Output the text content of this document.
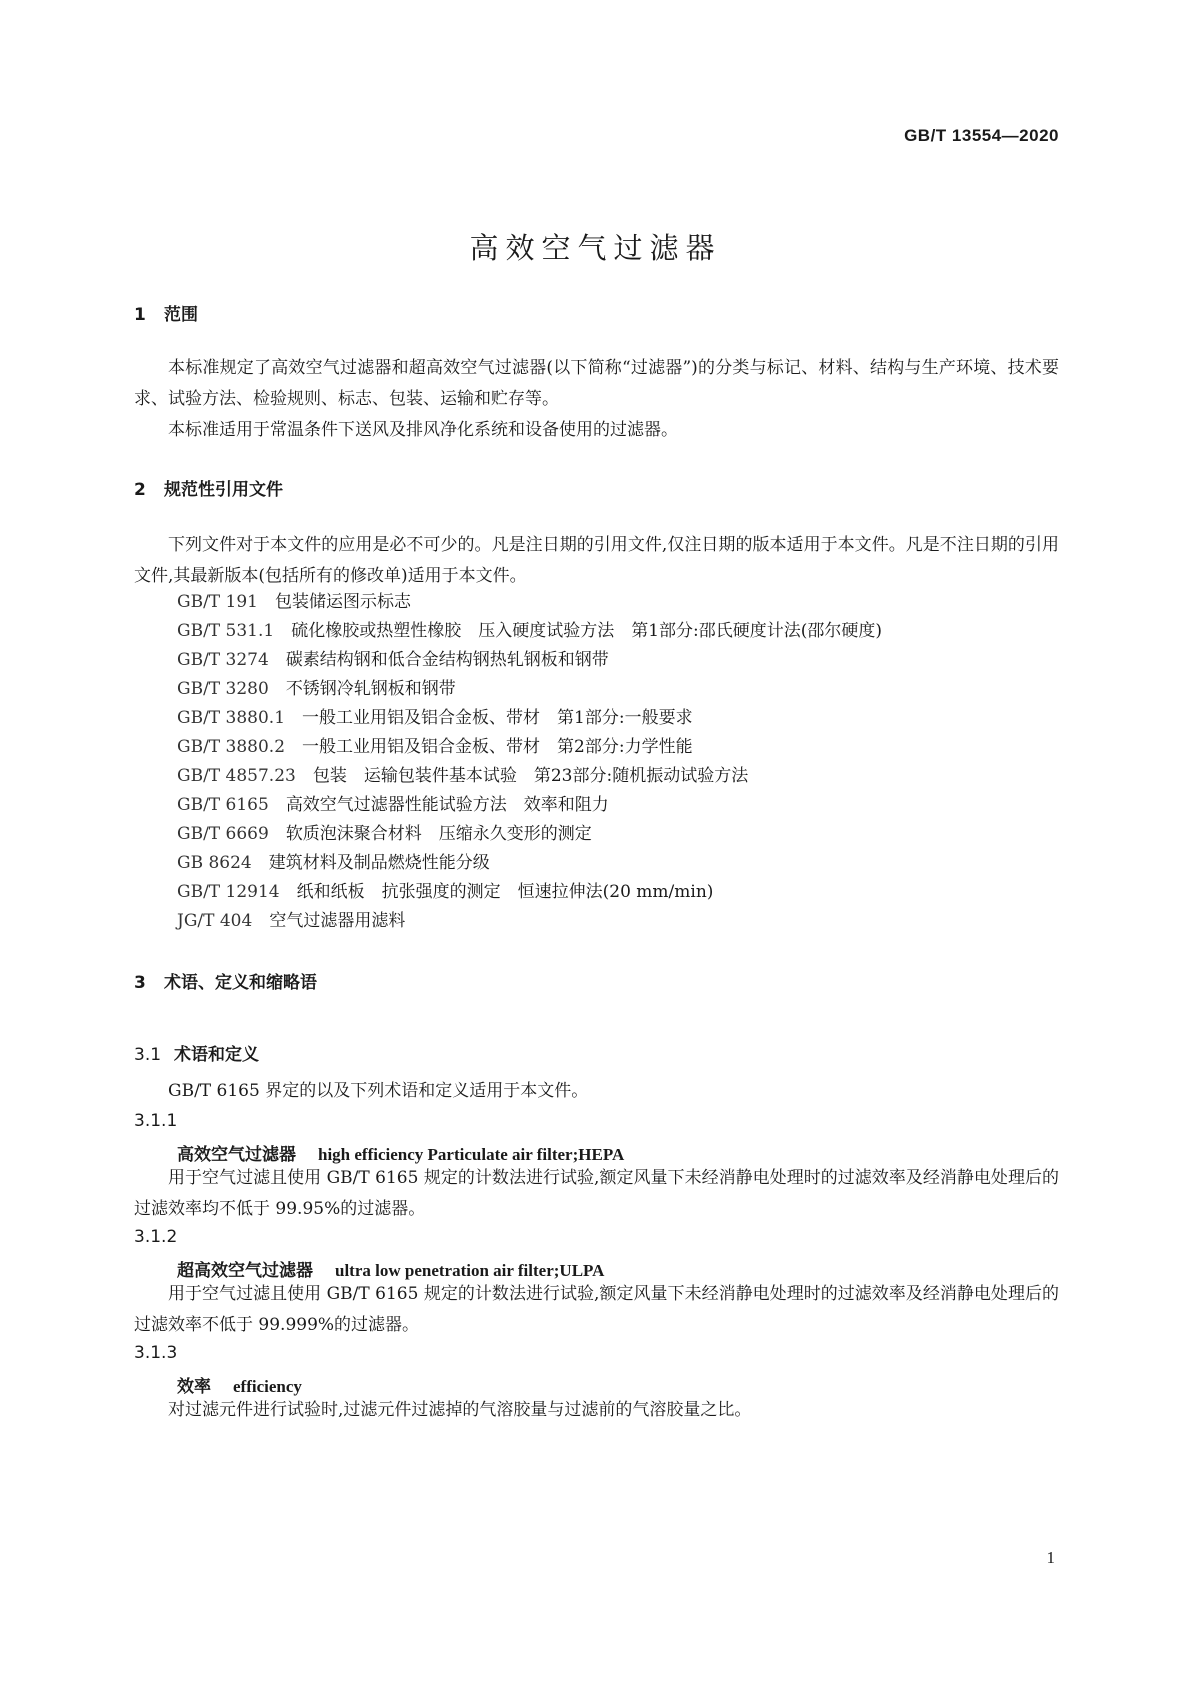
GB/T 13554—2020
高效空气过滤器
1 范围
本标准规定了高效空气过滤器和超高效空气过滤器(以下简称“过滤器”)的分类与标记、材料、结构与生产环境、技术要求、试验方法、检验规则、标志、包装、运输和贮存等。
本标准适用于常温条件下送风及排风净化系统和设备使用的过滤器。
2 规范性引用文件
下列文件对于本文件的应用是必不可少的。凡是注日期的引用文件,仅注日期的版本适用于本文件。凡是不注日期的引用文件,其最新版本(包括所有的修改单)适用于本文件。
GB/T 191　 包装储运图示标志
GB/T 531.1　 硫化橡胶或热塑性橡胶　压入硬度试验方法　第1部分:邵氏硬度计法(邵尔硬度)
GB/T 3274　 碳素结构钢和低合金结构钢热轧钢板和钢带
GB/T 3280　 不锈钢冷轧钢板和钢带
GB/T 3880.1　 一般工业用铝及铝合金板、带材　第1部分:一般要求
GB/T 3880.2　 一般工业用铝及铝合金板、带材　第2部分:力学性能
GB/T 4857.23　 包装　运输包装件基本试验　第23部分:随机振动试验方法
GB/T 6165　 高效空气过滤器性能试验方法　效率和阻力
GB/T 6669　 软质泡沫聚合材料　压缩永久变形的测定
GB 8624　 建筑材料及制品燃烧性能分级
GB/T 12914　 纸和纸板　抗张强度的测定　恒速拉伸法(20 mm/min)
JG/T 404　 空气过滤器用滤料
3 术语、定义和缩略语
3.1 术语和定义
GB/T 6165 界定的以及下列术语和定义适用于本文件。
3.1.1
高效空气过滤器 high efficiency Particulate air filter;HEPA
用于空气过滤且使用 GB/T 6165 规定的计数法进行试验,额定风量下未经消静电处理时的过滤效率及经消静电处理后的过滤效率均不低于 99.95%的过滤器。
3.1.2
超高效空气过滤器 ultra low penetration air filter;ULPA
用于空气过滤且使用 GB/T 6165 规定的计数法进行试验,额定风量下未经消静电处理时的过滤效率及经消静电处理后的过滤效率不低于 99.999%的过滤器。
3.1.3
效率 efficiency
对过滤元件进行试验时,过滤元件过滤掉的气溶胶量与过滤前的气溶胶量之比。
1
